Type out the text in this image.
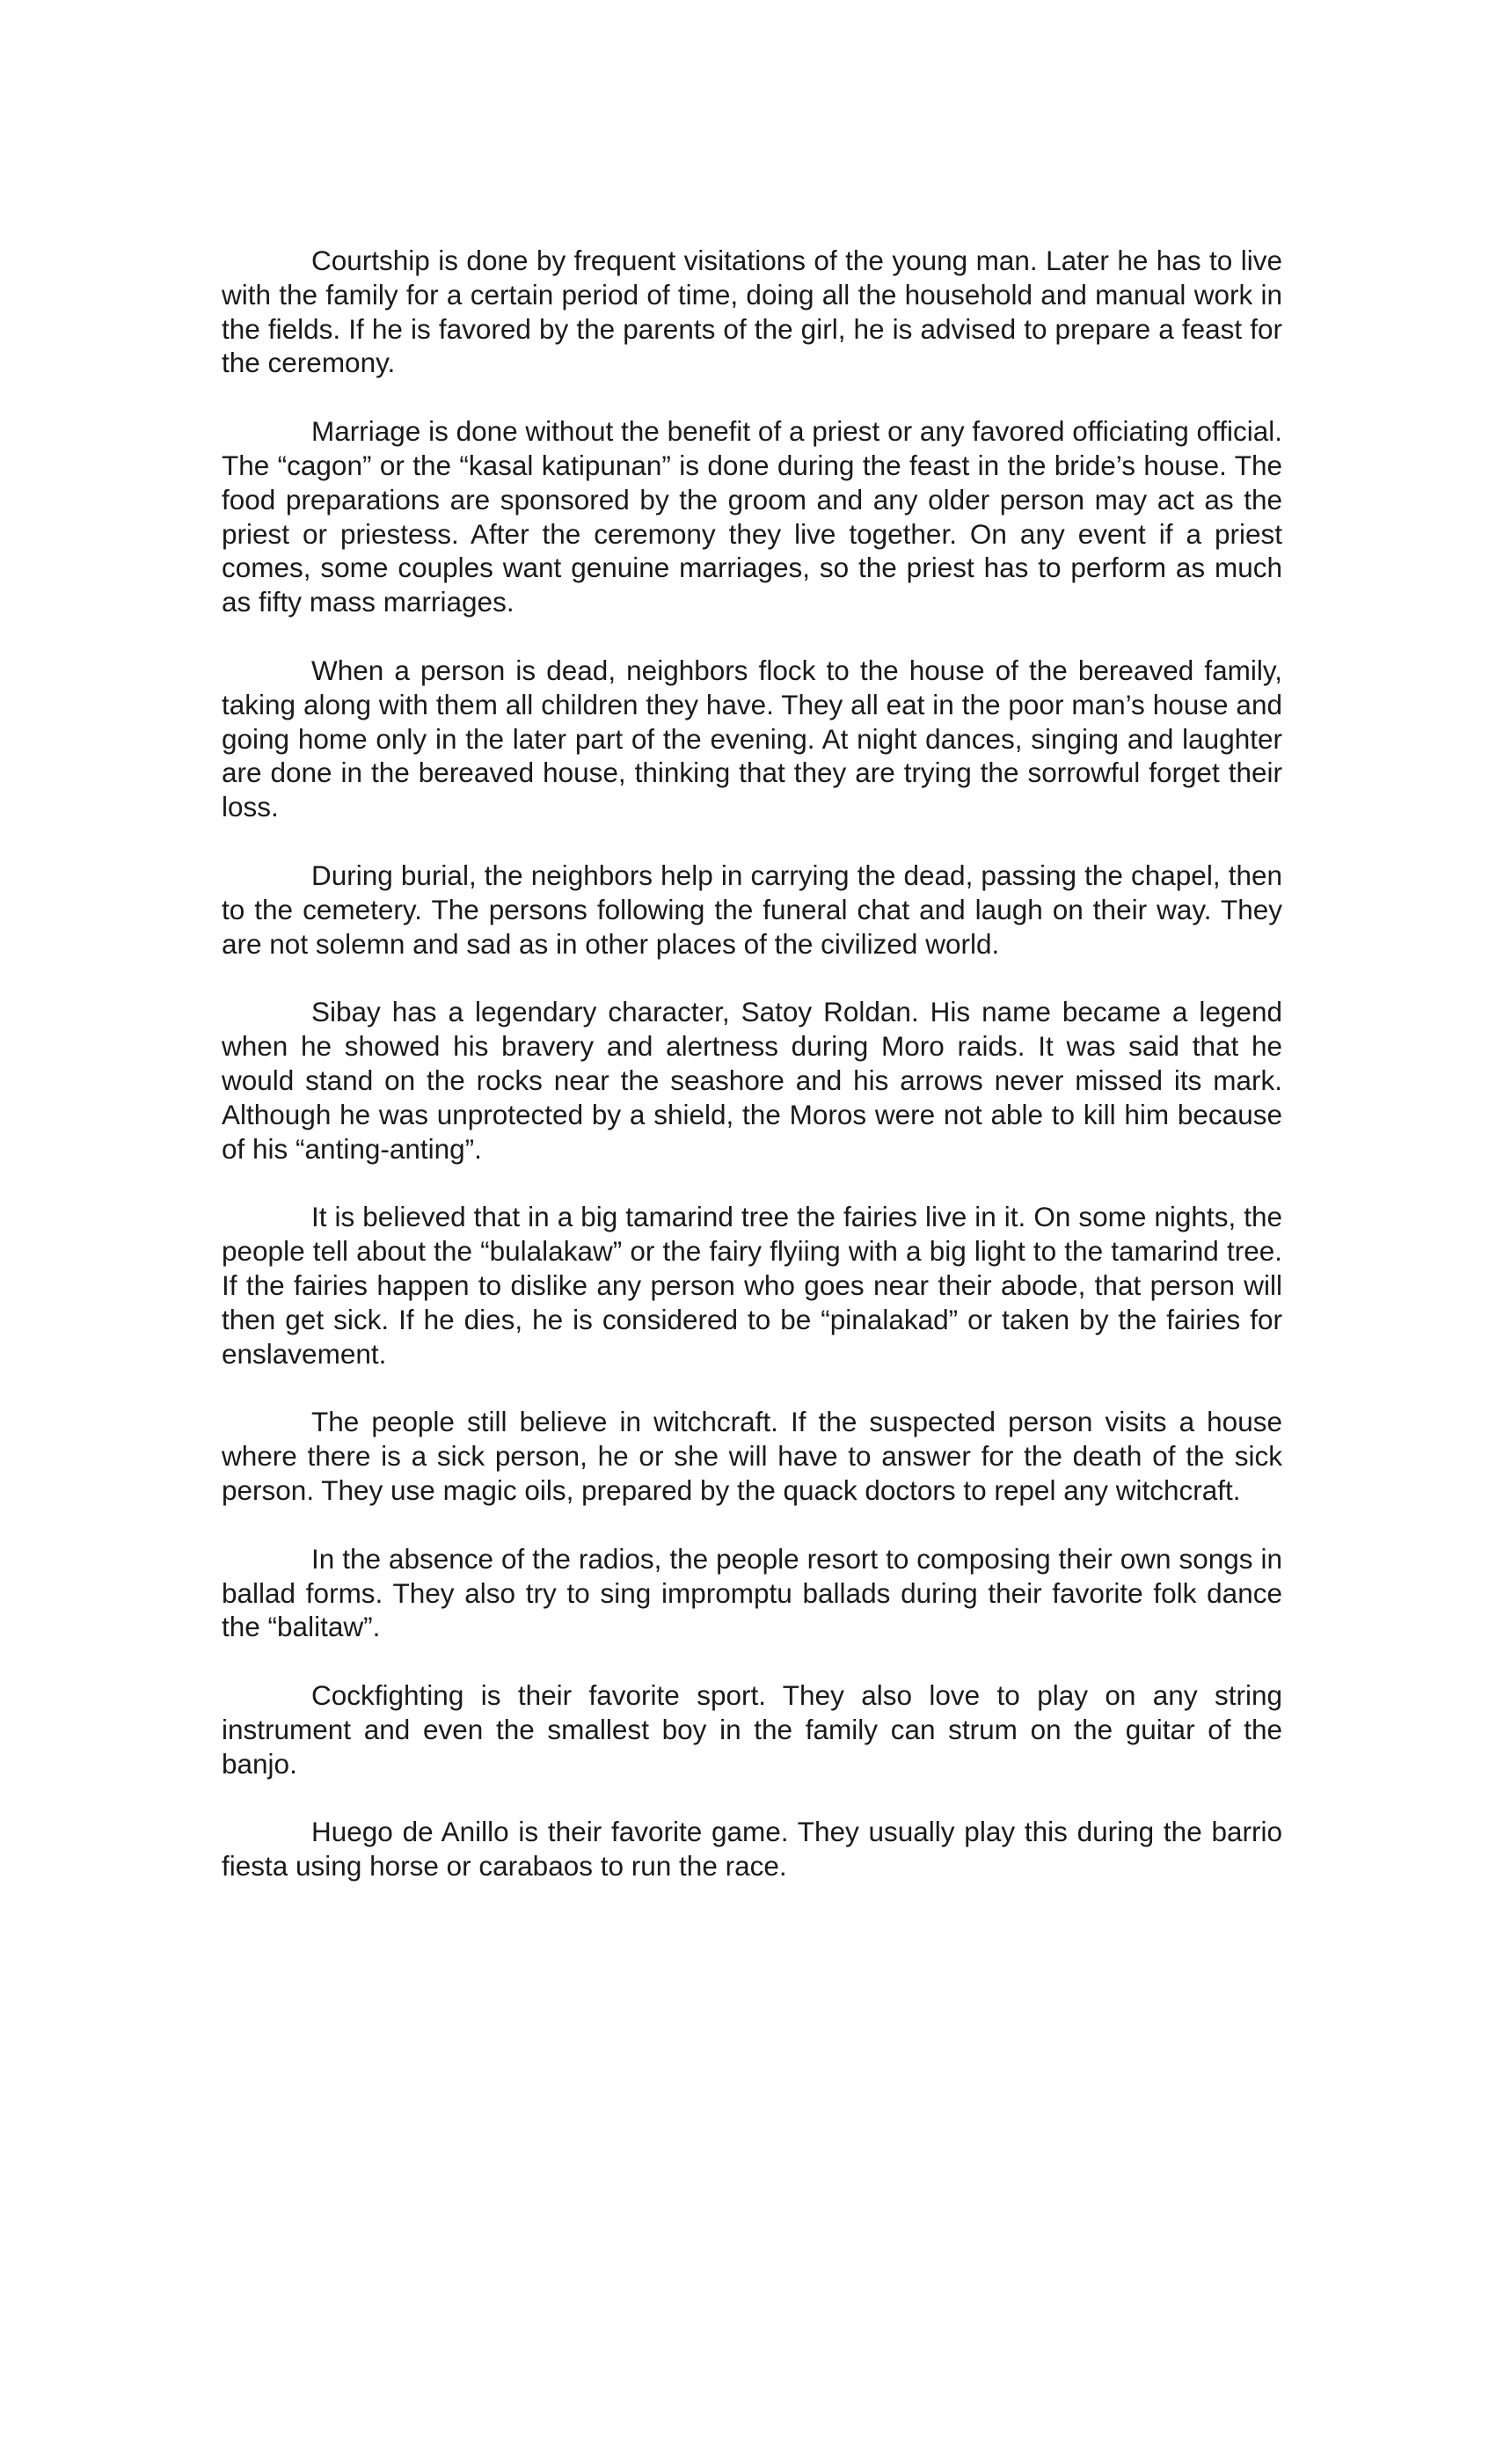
Courtship is done by frequent visitations of the young man. Later he has to live with the family for a certain period of time, doing all the household and manual work in the fields. If he is favored by the parents of the girl, he is advised to prepare a feast for the ceremony.

Marriage is done without the benefit of a priest or any favored officiating official. The “cagon” or the “kasal katipunan” is done during the feast in the bride’s house. The food preparations are sponsored by the groom and any older person may act as the priest or priestess. After the ceremony they live together. On any event if a priest comes, some couples want genuine marriages, so the priest has to perform as much as fifty mass marriages.

When a person is dead, neighbors flock to the house of the bereaved family, taking along with them all children they have. They all eat in the poor man’s house and going home only in the later part of the evening. At night dances, singing and laughter are done in the bereaved house, thinking that they are trying the sorrowful forget their loss.

During burial, the neighbors help in carrying the dead, passing the chapel, then to the cemetery. The persons following the funeral chat and laugh on their way. They are not solemn and sad as in other places of the civilized world.

Sibay has a legendary character, Satoy Roldan. His name became a legend when he showed his bravery and alertness during Moro raids. It was said that he would stand on the rocks near the seashore and his arrows never missed its mark. Although he was unprotected by a shield, the Moros were not able to kill him because of his “anting-anting”.

It is believed that in a big tamarind tree the fairies live in it. On some nights, the people tell about the “bulalakaw” or the fairy flyiing with a big light to the tamarind tree. If the fairies happen to dislike any person who goes near their abode, that person will then get sick. If he dies, he is considered to be “pinalakad” or taken by the fairies for enslavement.

The people still believe in witchcraft. If the suspected person visits a house where there is a sick person, he or she will have to answer for the death of the sick person. They use magic oils, prepared by the quack doctors to repel any witchcraft.

In the absence of the radios, the people resort to composing their own songs in ballad forms. They also try to sing impromptu ballads during their favorite folk dance the “balitaw”.

Cockfighting is their favorite sport. They also love to play on any string instrument and even the smallest boy in the family can strum on the guitar of the banjo.

Huego de Anillo is their favorite game. They usually play this during the barrio fiesta using horse or carabaos to run the race.
